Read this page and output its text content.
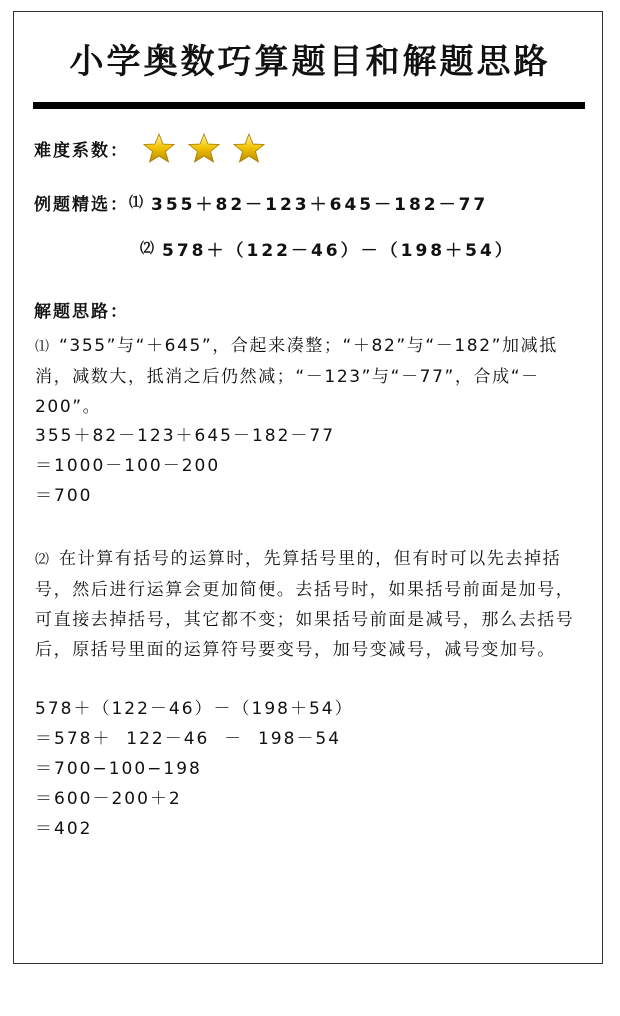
小学奥数巧算题目和解题思路
难度系数：
例题精选： ⑴ 355＋82－123＋645－182－77
⑵ 578＋（122－46）－（198＋54）
解题思路：
⑴ “355”与“＋645”，合起来凑整；“＋82”与“－182”加减抵消，减数大，抵消之后仍然减；“－123”与“－77”，合成“－200”。
355＋82－123＋645－182－77
＝1000－100－200
＝700
⑵ 在计算有括号的运算时，先算括号里的，但有时可以先去掉括号，然后进行运算会更加简便。去括号时，如果括号前面是加号，可直接去掉括号，其它都不变；如果括号前面是减号，那么去括号后，原括号里面的运算符号要变号，加号变减号，减号变加号。
578＋（122－46）－（198＋54）
＝578＋  122－46  －  198－54
＝700−100−198
＝600－200＋2
＝402
